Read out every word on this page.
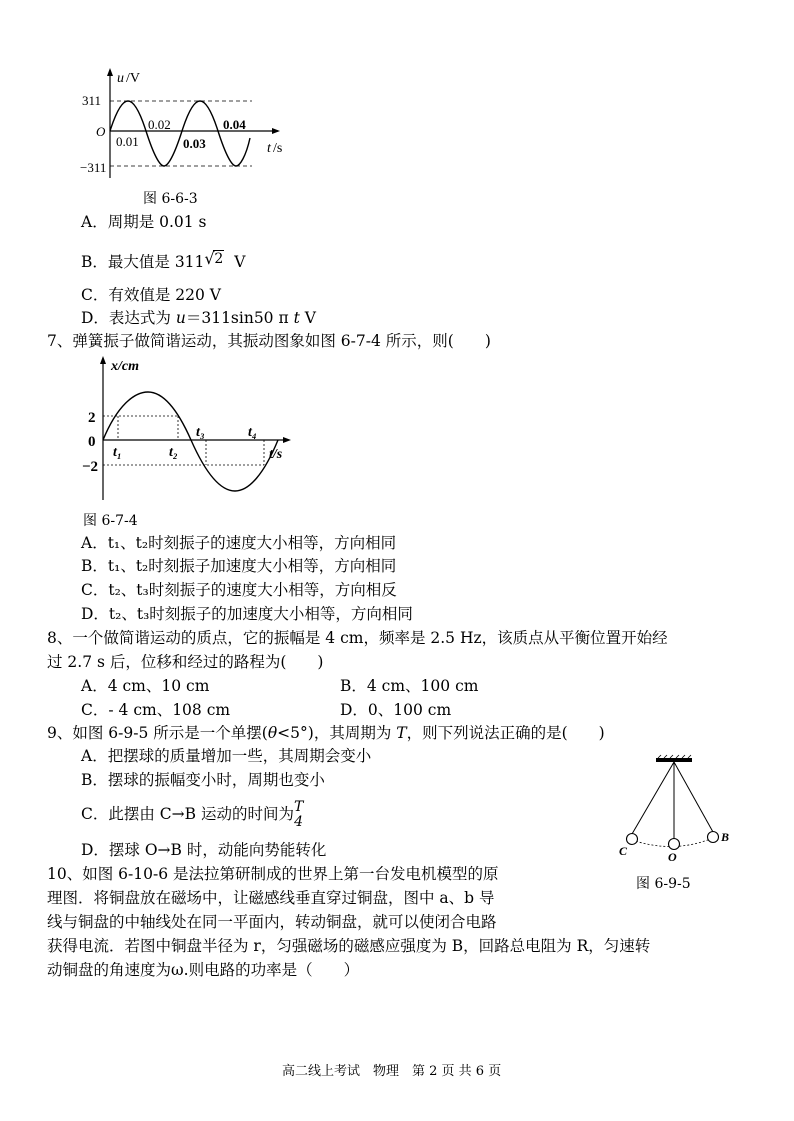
u /V
311
−311
O
0.01
0.02
0.03
0.04
t /s
图 6-6-3
A．周期是 0.01 s
B．最大值是 311 √ 2 V
C．有效值是 220 V
D．表达式为 u＝311sin50 π t V
7、弹簧振子做简谐运动，其振动图象如图 6-7-4 所示，则(　　)
x/cm
2
0
−2
t₁	t₂
t₃	t₄
t/s
图 6-7-4
A．t₁、t₂时刻振子的速度大小相等，方向相同
B．t₁、t₂时刻振子加速度大小相等，方向相同
C．t₂、t₃时刻振子的速度大小相等，方向相反
D．t₂、t₃时刻振子的加速度大小相等，方向相同
8、一个做简谐运动的质点，它的振幅是 4 cm，频率是 2.5 Hz，该质点从平衡位置开始经
过 2.7 s 后，位移和经过的路程为(　　)
A．4 cm、10 cm	B．4 cm、100 cm
C．- 4 cm、108 cm	D．0、100 cm
9、如图 6-9-5 所示是一个单摆(θ<5°)，其周期为 T，则下列说法正确的是(　　)
A．把摆球的质量增加一些，其周期会变小
B．摆球的振幅变小时，周期也变小
C．此摆由 C→B 运动的时间为 T
4
D．摆球 O→B 时，动能向势能转化	C	O
B
图 6-9-5
10、如图 6-10-6 是法拉第研制成的世界上第一台发电机模型的原
理图．将铜盘放在磁场中，让磁感线垂直穿过铜盘，图中 a、b 导
线与铜盘的中轴线处在同一平面内，转动铜盘，就可以使闭合电路
获得电流．若图中铜盘半径为 r，匀强磁场的磁感应强度为 B，回路总电阻为 R，匀速转
动铜盘的角速度为ω.则电路的功率是（　　）
高二线上考试　物理　第 2 页 共 6 页
